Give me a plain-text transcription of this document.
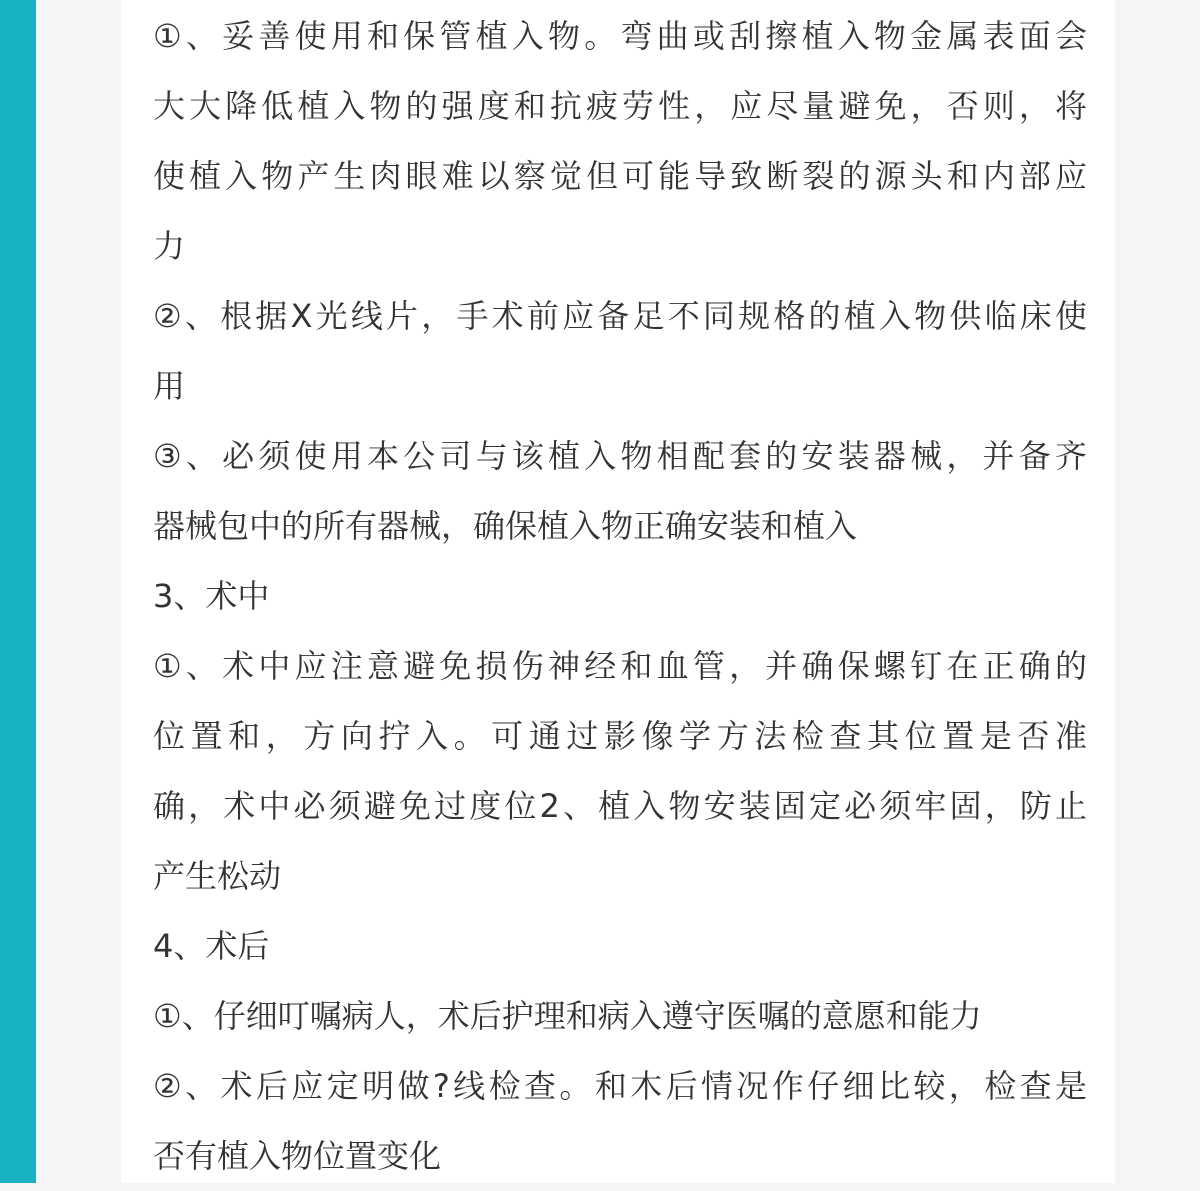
①、妥善使用和保管植入物。弯曲或刮擦植入物金属表面会
大大降低植入物的强度和抗疲劳性，应尽量避免，否则，将
使植入物产生肉眼难以察觉但可能导致断裂的源头和内部应
力
②、根据X光线片，手术前应备足不同规格的植入物供临床使
用
③、必须使用本公司与该植入物相配套的安装器械，并备齐
器械包中的所有器械，确保植入物正确安装和植入
3、术中
①、术中应注意避免损伤神经和血管，并确保螺钉在正确的
位置和，方向拧入。可通过影像学方法检查其位置是否准
确，术中必须避免过度位2、植入物安装固定必须牢固，防止
产生松动
4、术后
①、仔细叮嘱病人，术后护理和病入遵守医嘱的意愿和能力
②、术后应定明做?线检查。和木后情况作仔细比较，检查是
否有植入物位置变化
